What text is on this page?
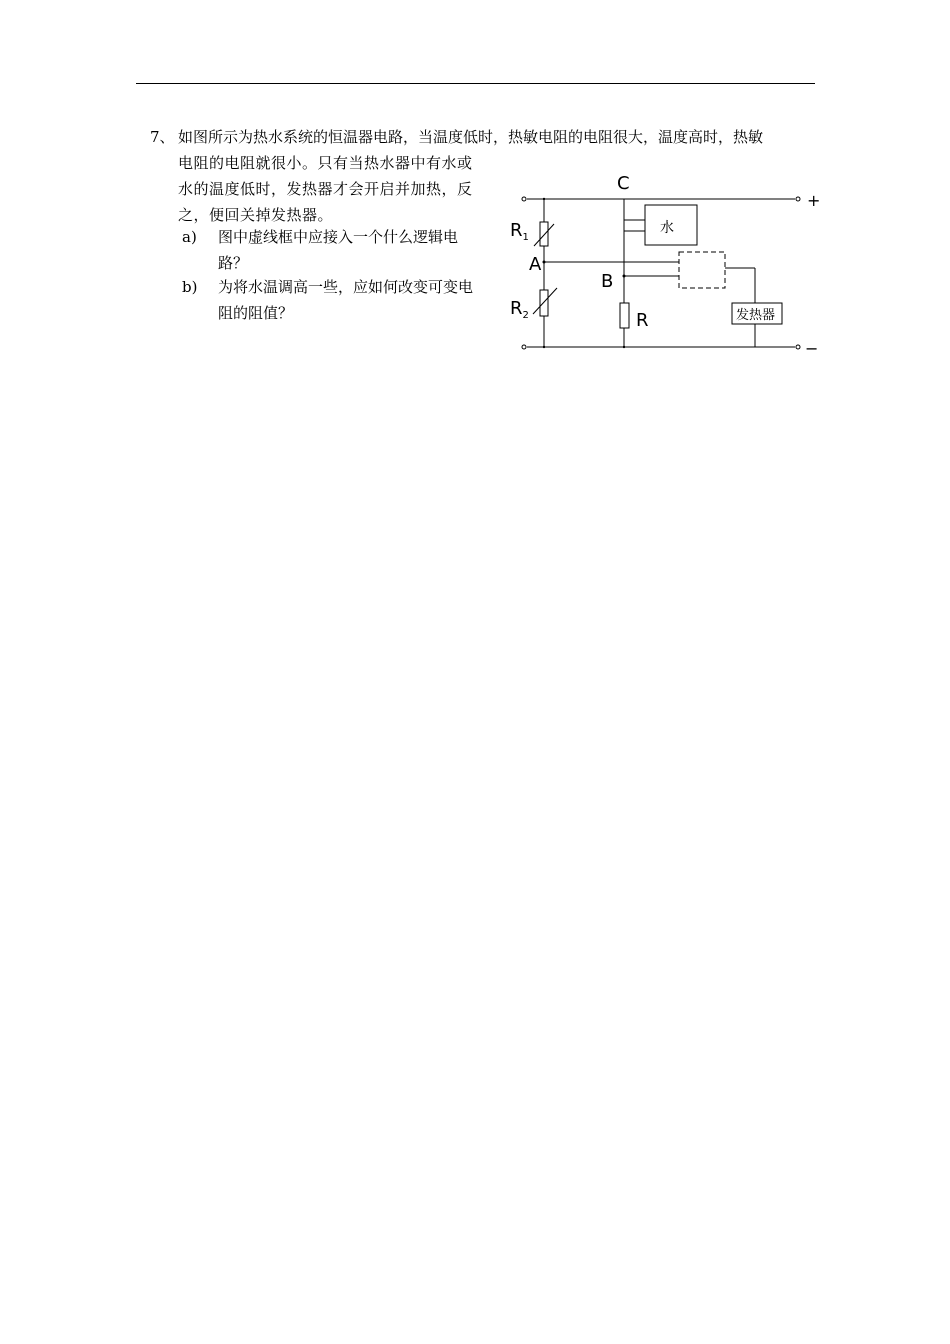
7、 如图所示为热水系统的恒温器电路，当温度低时，热敏电阻的电阻很大，温度高时，热敏
电阻的电阻就很小。只有当热水器中有水或水的温度低时，发热器才会开启并加热，反之，便回关掉发热器。
a) 图中虚线框中应接入一个什么逻辑电路？
b) 为将水温调高一些，应如何改变可变电阻的阻值？
C
A
B
$R_1$
$R_2$	R
水
发热器
+
−
